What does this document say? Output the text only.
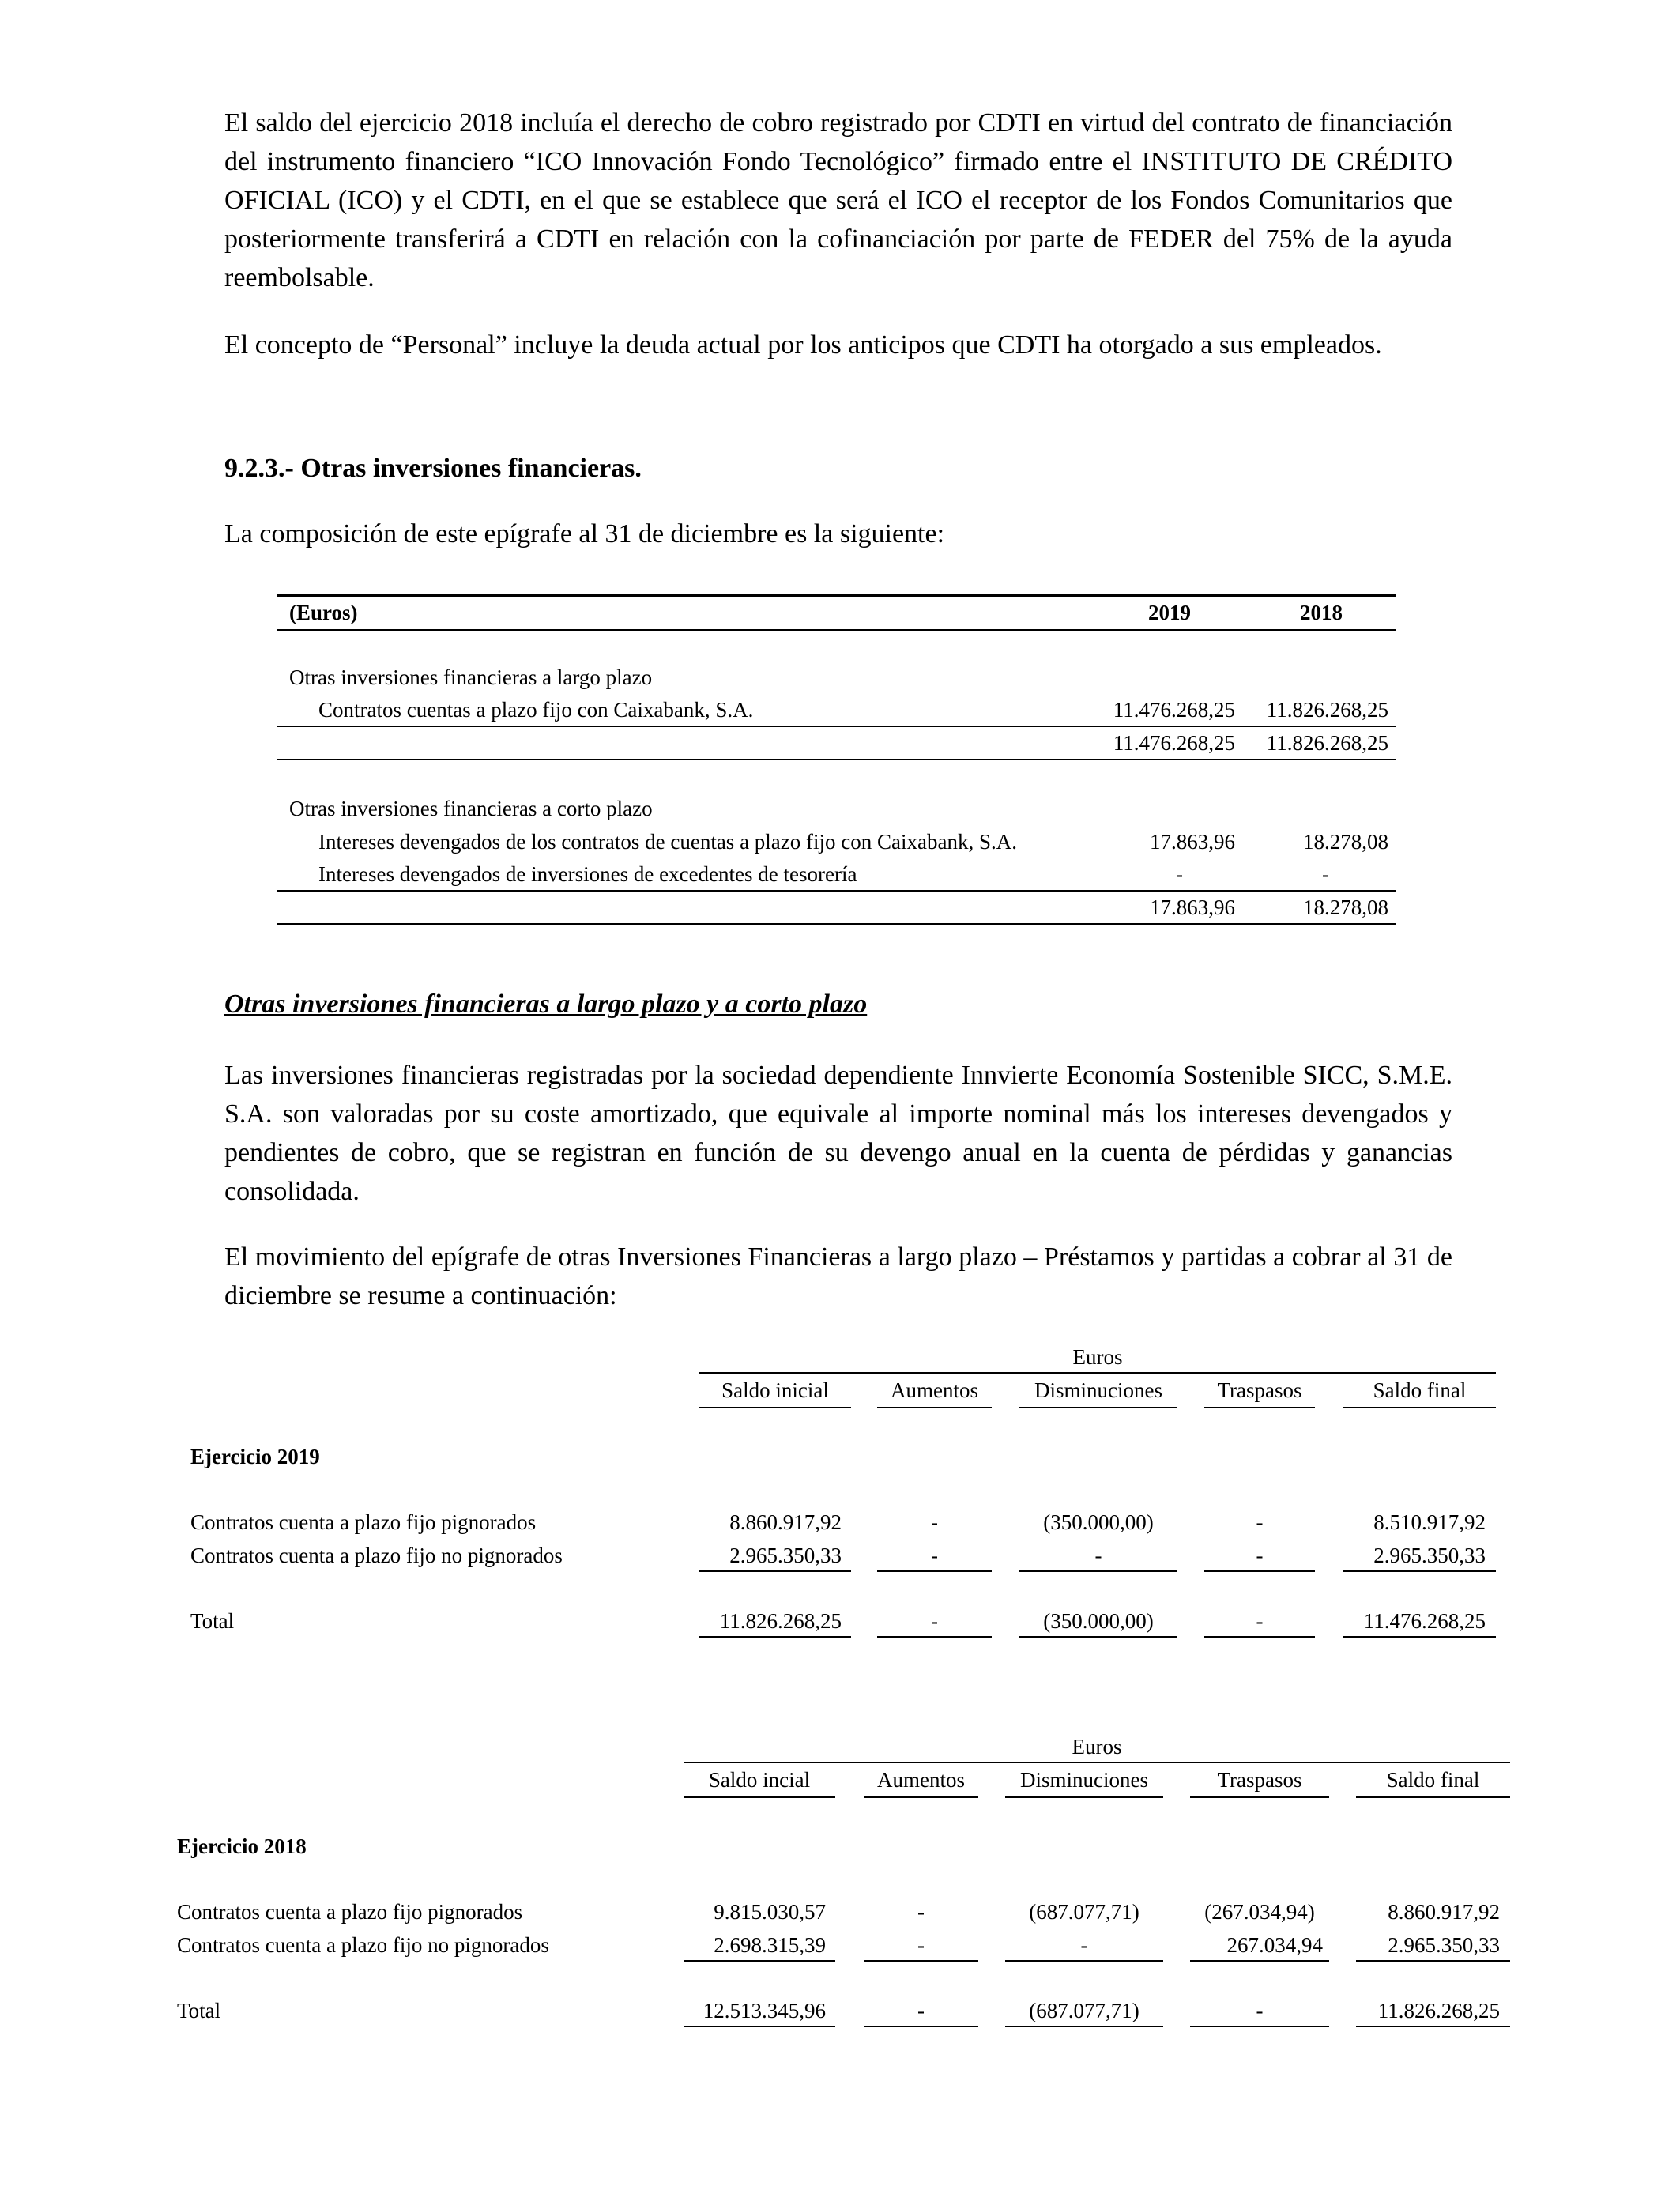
El saldo del ejercicio 2018 incluía el derecho de cobro registrado por CDTI en virtud del contrato de financiación del instrumento financiero “ICO Innovación Fondo Tecnológico” firmado entre el INSTITUTO DE CRÉDITO OFICIAL (ICO) y el CDTI, en el que se establece que será el ICO el receptor de los Fondos Comunitarios que posteriormente transferirá a CDTI en relación con la cofinanciación por parte de FEDER del 75% de la ayuda reembolsable.

El concepto de “Personal” incluye la deuda actual por los anticipos que CDTI ha otorgado a sus empleados.

9.2.3.- Otras inversiones financieras.

La composición de este epígrafe al 31 de diciembre es la siguiente:

(Euros)	2019	2018
Otras inversiones financieras a largo plazo
Contratos cuentas a plazo fijo con Caixabank, S.A.	11.476.268,25 11.826.268,25
11.476.268,25 11.826.268,25
Otras inversiones financieras a corto plazo
Intereses devengados de los contratos de cuentas a plazo fijo con Caixabank, S.A.	17.863,96	18.278,08
Intereses devengados de inversiones de excedentes de tesorería	-	-
17.863,96	18.278,08

Otras inversiones financieras a largo plazo y a corto plazo

Las inversiones financieras registradas por la sociedad dependiente Innvierte Economía Sostenible SICC, S.M.E. S.A. son valoradas por su coste amortizado, que equivale al importe nominal más los intereses devengados y pendientes de cobro, que se registran en función de su devengo anual en la cuenta de pérdidas y ganancias consolidada.

El movimiento del epígrafe de otras Inversiones Financieras a largo plazo – Préstamos y partidas a cobrar al 31 de diciembre se resume a continuación:

Euros
Saldo inicial	Aumentos	Disminuciones	Traspasos	Saldo final
Ejercicio 2019
Contratos cuenta a plazo fijo pignorados	8.860.917,92	-	(350.000,00)	-	8.510.917,92
Contratos cuenta a plazo fijo no pignorados	2.965.350,33	-	-	-	2.965.350,33
Total	11.826.268,25	-	(350.000,00)	-	11.476.268,25
Euros
Saldo incial	Aumentos	Disminuciones	Traspasos	Saldo final
Ejercicio 2018
Contratos cuenta a plazo fijo pignorados	9.815.030,57	-	(687.077,71)	(267.034,94)	8.860.917,92
Contratos cuenta a plazo fijo no pignorados	2.698.315,39	-	-	267.034,94	2.965.350,33
Total	12.513.345,96	-	(687.077,71)	-	11.826.268,25
